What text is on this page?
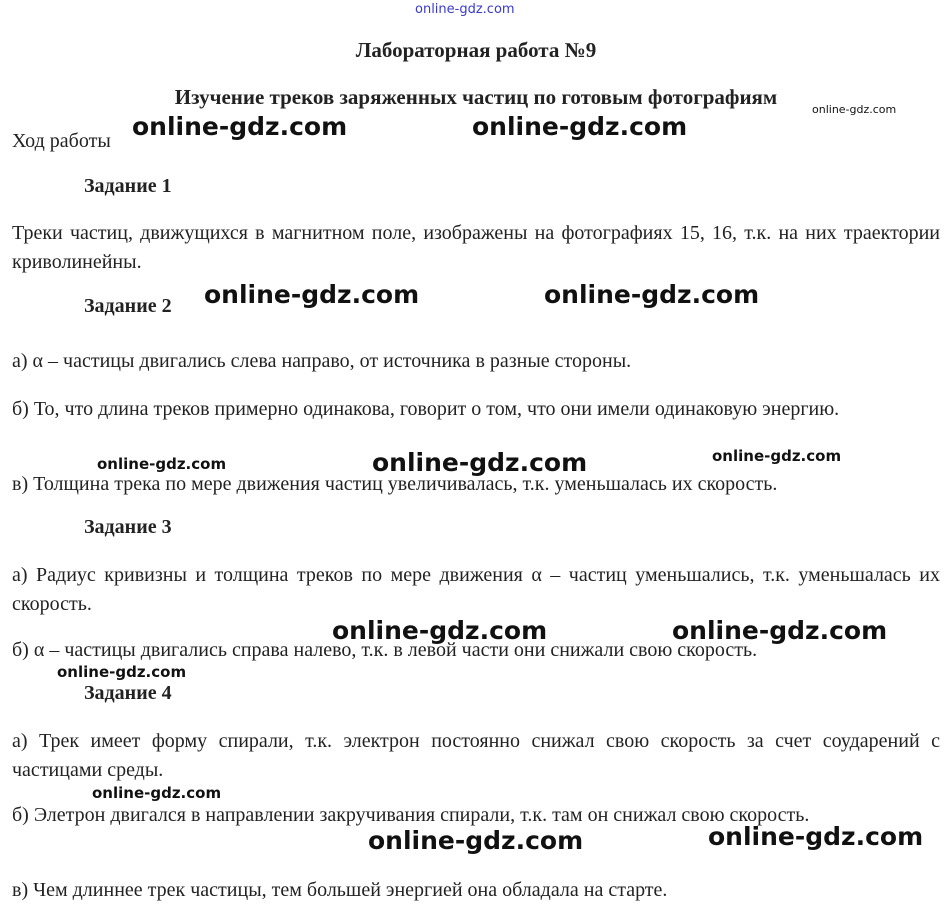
online-gdz.com
Лабораторная работа №9
Изучение треков заряженных частиц по готовым фотографиям
Ход работы
Задание 1
Треки частиц, движущихся в магнитном поле, изображены на фотографиях 15, 16, т.к. на них траектории криволинейны.
Задание 2
а) α – частицы двигались слева направо, от источника в разные стороны.
б) То, что длина треков примерно одинакова, говорит о том, что они имели одинаковую энергию.
в) Толщина трека по мере движения частиц увеличивалась, т.к. уменьшалась их скорость.
Задание 3
а) Радиус кривизны и толщина треков по мере движения α – частиц уменьшались, т.к. уменьшалась их скорость.
б) α – частицы двигались справа налево, т.к. в левой части они снижали свою скорость.
Задание 4
а) Трек имеет форму спирали, т.к. электрон постоянно снижал свою скорость за счет соударений с частицами среды.
б) Элетрон двигался в направлении закручивания спирали, т.к. там он снижал свою скорость.
в) Чем длиннее трек частицы, тем большей энергией она обладала на старте.
online-gdz.com
online-gdz.com	online-gdz.com
online-gdz.com	online-gdz.com
online-gdz.com	online-gdz.com	online-gdz.com
online-gdz.com	online-gdz.com
online-gdz.com
online-gdz.com
online-gdz.com
online-gdz.com
